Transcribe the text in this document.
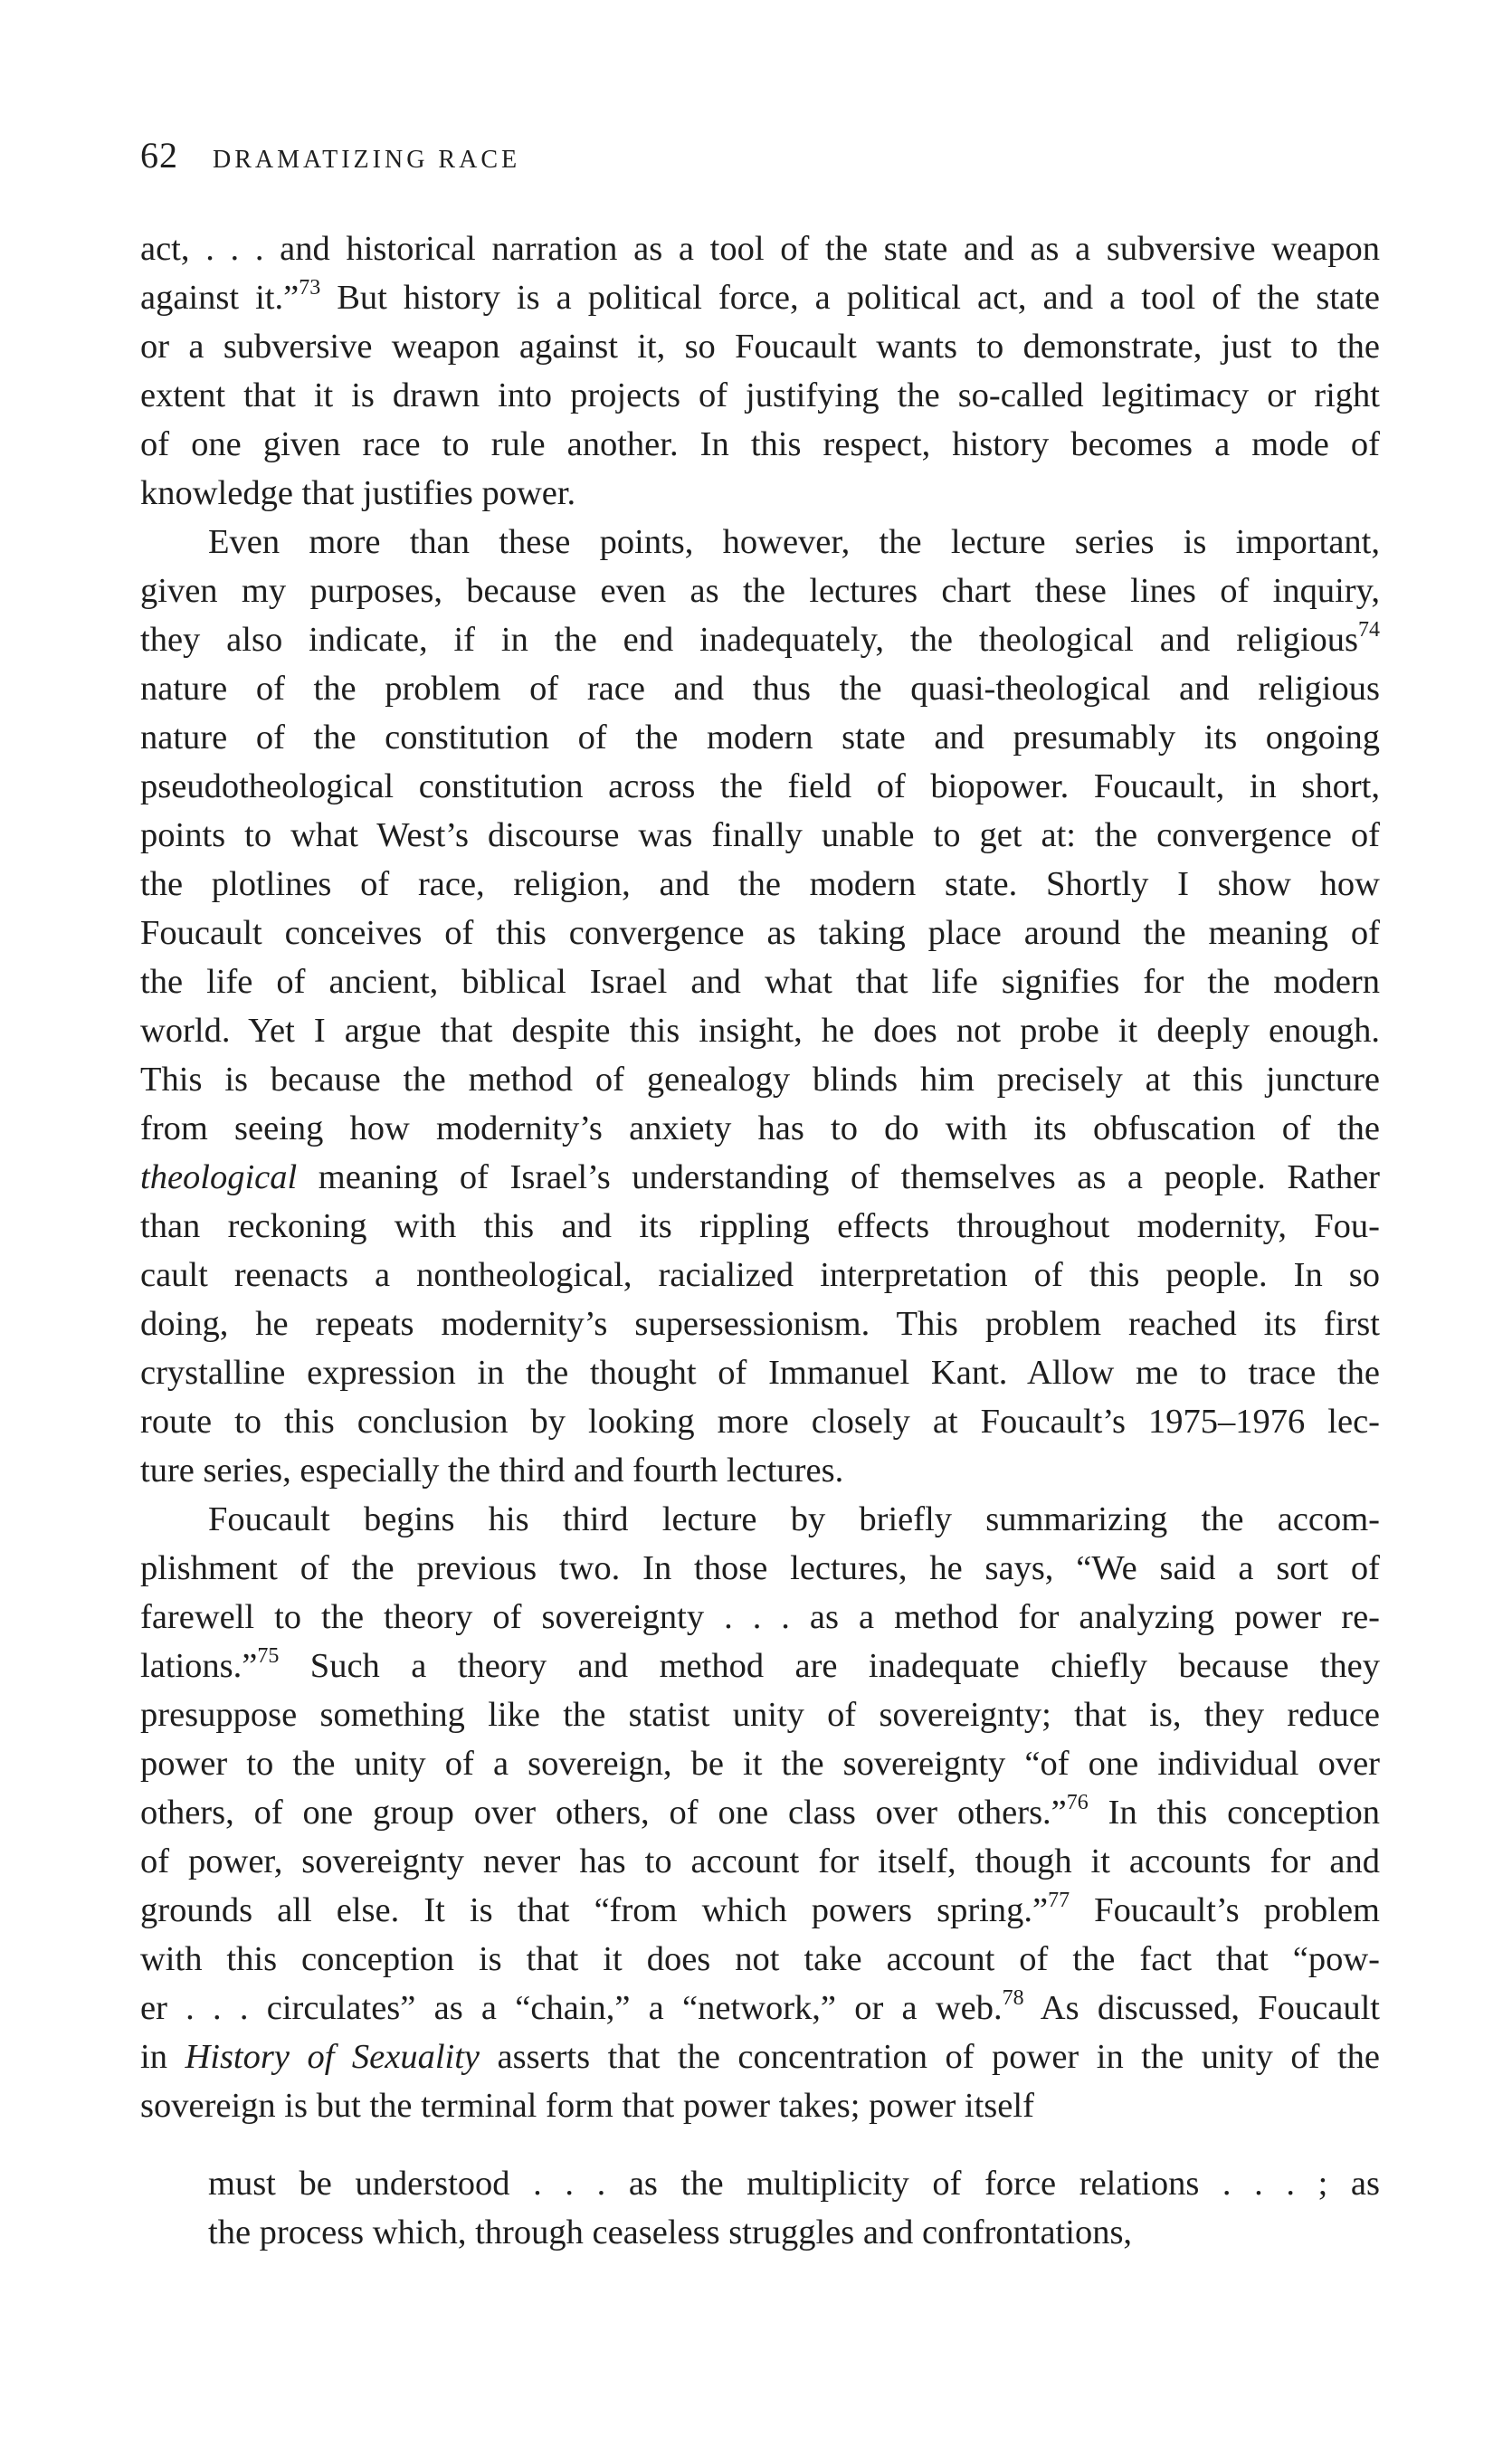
62 DRAMATIZING RACE
act, . . . and historical narration as a tool of the state and as a subversive weapon
against it.”$^{73}$ But history is a political force, a political act, and a tool of the state
or a subversive weapon against it, so Foucault wants to demonstrate, just to the
extent that it is drawn into projects of justifying the so-called legitimacy or right
of one given race to rule another. In this respect, history becomes a mode of
knowledge that justifies power.
Even more than these points, however, the lecture series is important,
given my purposes, because even as the lectures chart these lines of inquiry,
they also indicate, if in the end inadequately, the theological and religious$^{74}$
nature of the problem of race and thus the quasi-theological and religious
nature of the constitution of the modern state and presumably its ongoing
pseudotheological constitution across the field of biopower. Foucault, in short,
points to what West’s discourse was finally unable to get at: the convergence of
the plotlines of race, religion, and the modern state. Shortly I show how
Foucault conceives of this convergence as taking place around the meaning of
the life of ancient, biblical Israel and what that life signifies for the modern
world. Yet I argue that despite this insight, he does not probe it deeply enough.
This is because the method of genealogy blinds him precisely at this juncture
from seeing how modernity’s anxiety has to do with its obfuscation of the
theological meaning of Israel’s understanding of themselves as a people. Rather
than reckoning with this and its rippling effects throughout modernity, Fou-
cault reenacts a nontheological, racialized interpretation of this people. In so
doing, he repeats modernity’s supersessionism. This problem reached its first
crystalline expression in the thought of Immanuel Kant. Allow me to trace the
route to this conclusion by looking more closely at Foucault’s 1975–1976 lec-
ture series, especially the third and fourth lectures.
Foucault begins his third lecture by briefly summarizing the accom-
plishment of the previous two. In those lectures, he says, “We said a sort of
farewell to the theory of sovereignty . . . as a method for analyzing power re-
lations.”$^{75}$ Such a theory and method are inadequate chiefly because they
presuppose something like the statist unity of sovereignty; that is, they reduce
power to the unity of a sovereign, be it the sovereignty “of one individual over
others, of one group over others, of one class over others.”$^{76}$ In this conception
of power, sovereignty never has to account for itself, though it accounts for and
grounds all else. It is that “from which powers spring.”$^{77}$ Foucault’s problem
with this conception is that it does not take account of the fact that “pow-
er . . . circulates” as a “chain,” a “network,” or a web.$^{78}$ As discussed, Foucault
in History of Sexuality asserts that the concentration of power in the unity of the
sovereign is but the terminal form that power takes; power itself
must be understood . . . as the multiplicity of force relations . . . ; as
the process which, through ceaseless struggles and confrontations,
